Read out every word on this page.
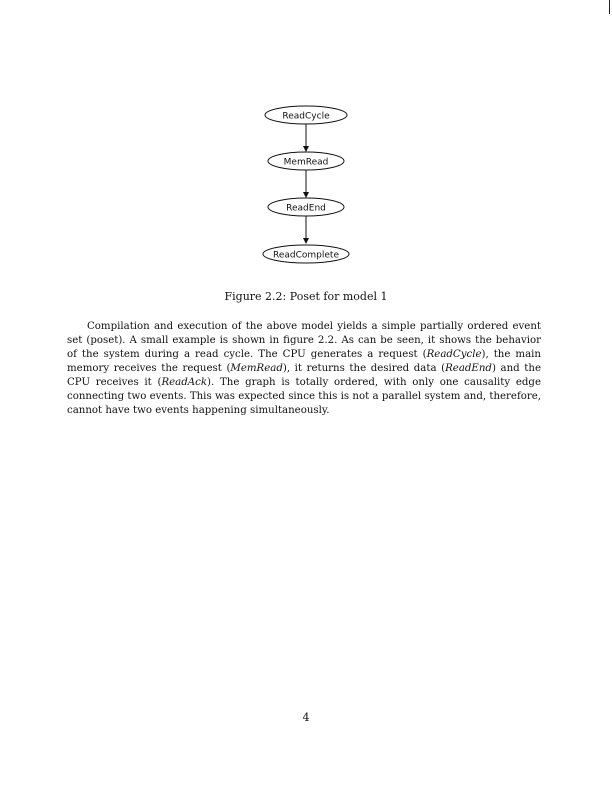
ReadCycle
MemRead
ReadEnd
ReadComplete

Figure 2.2: Poset for model 1

Compilation and execution of the above model yields a simple partially ordered event set (poset). A small example is shown in figure 2.2. As can be seen, it shows the behavior of the system during a read cycle. The CPU generates a request (ReadCycle), the main memory receives the request (MemRead), it returns the desired data (ReadEnd) and the CPU receives it (ReadAck). The graph is totally ordered, with only one causality edge connecting two events. This was expected since this is not a parallel system and, therefore, cannot have two events happening simultaneously.

4
